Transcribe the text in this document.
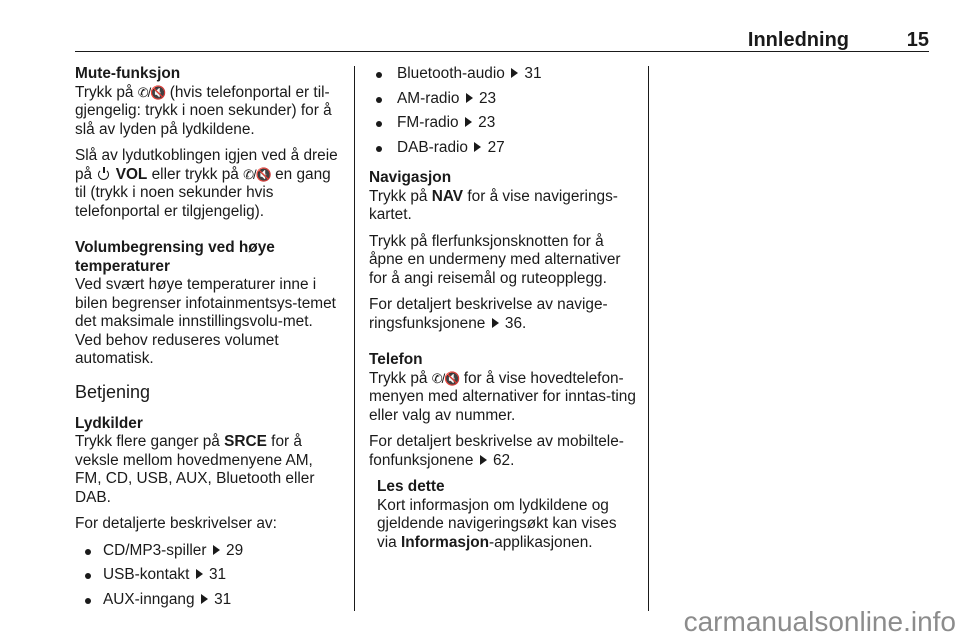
Innledning	15
Mute-funksjon

Trykk på ✆/🔇 (hvis telefonportal er til-gjengelig: trykk i noen sekunder) for å slå av lyden på lydkildene.

Slå av lydutkoblingen igjen ved å dreie på  VOL eller trykk på ✆/🔇 en gang til (trykk i noen sekunder hvis telefonportal er tilgjengelig).

Volumbegrensing ved høye
temperaturer

Ved svært høye temperaturer inne i bilen begrenser infotainmentsys-temet det maksimale innstillingsvolu-met. Ved behov reduseres volumet automatisk.

Betjening
Lydkilder

Trykk flere ganger på SRCE for å veksle mellom hovedmenyene AM, FM, CD, USB, AUX, Bluetooth eller DAB.

For detaljerte beskrivelser av:

CD/MP3-spiller 29
USB-kontakt 31
AUX-inngang 31
Bluetooth-audio 31
AM-radio 23
FM-radio 23
DAB-radio 27
Navigasjon

Trykk på NAV for å vise navigerings-kartet.

Trykk på flerfunksjonsknotten for å åpne en undermeny med alternativer for å angi reisemål og ruteopplegg.

For detaljert beskrivelse av navige-ringsfunksjonene  36.

Telefon

Trykk på ✆/🔇 for å vise hovedtelefon-menyen med alternativer for inntas-ting eller valg av nummer.

For detaljert beskrivelse av mobiltele-fonfunksjonene  62.

Les dette

Kort informasjon om lydkildene og gjeldende navigeringsøkt kan vises via Informasjon-applikasjonen.

carmanualsonline.info
